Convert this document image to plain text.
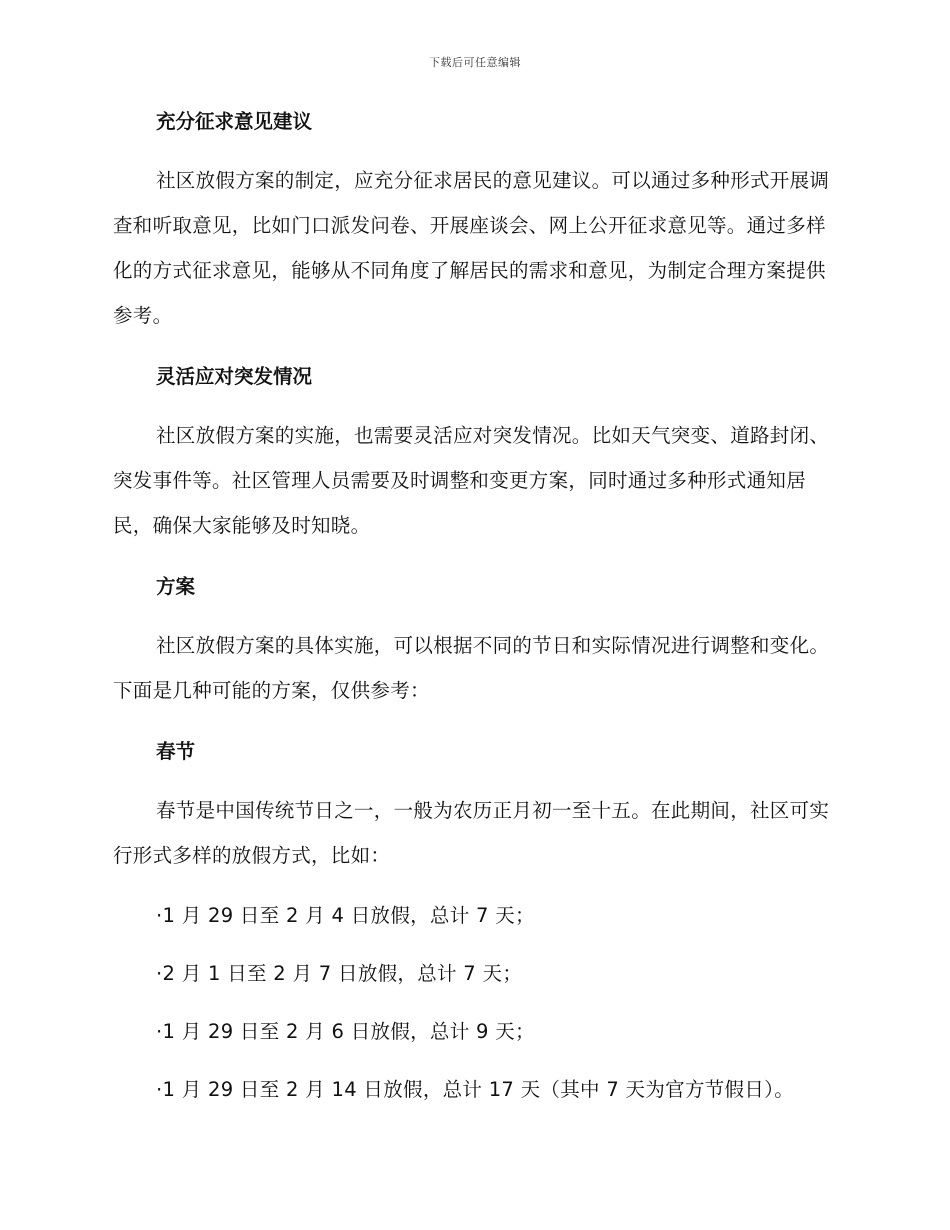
下载后可任意编辑
充分征求意见建议

社区放假方案的制定，应充分征求居民的意见建议。可以通过多种形式开展调查和听取意见，比如门口派发问卷、开展座谈会、网上公开征求意见等。通过多样化的方式征求意见，能够从不同角度了解居民的需求和意见，为制定合理方案提供参考。

灵活应对突发情况

社区放假方案的实施，也需要灵活应对突发情况。比如天气突变、道路封闭、突发事件等。社区管理人员需要及时调整和变更方案，同时通过多种形式通知居民，确保大家能够及时知晓。

方案

社区放假方案的具体实施，可以根据不同的节日和实际情况进行调整和变化。下面是几种可能的方案，仅供参考：

春节

春节是中国传统节日之一，一般为农历正月初一至十五。在此期间，社区可实行形式多样的放假方式，比如：

·1 月 29 日至 2 月 4 日放假，总计 7 天；

·2 月 1 日至 2 月 7 日放假，总计 7 天；

·1 月 29 日至 2 月 6 日放假，总计 9 天；

·1 月 29 日至 2 月 14 日放假，总计 17 天（其中 7 天为官方节假日）。
